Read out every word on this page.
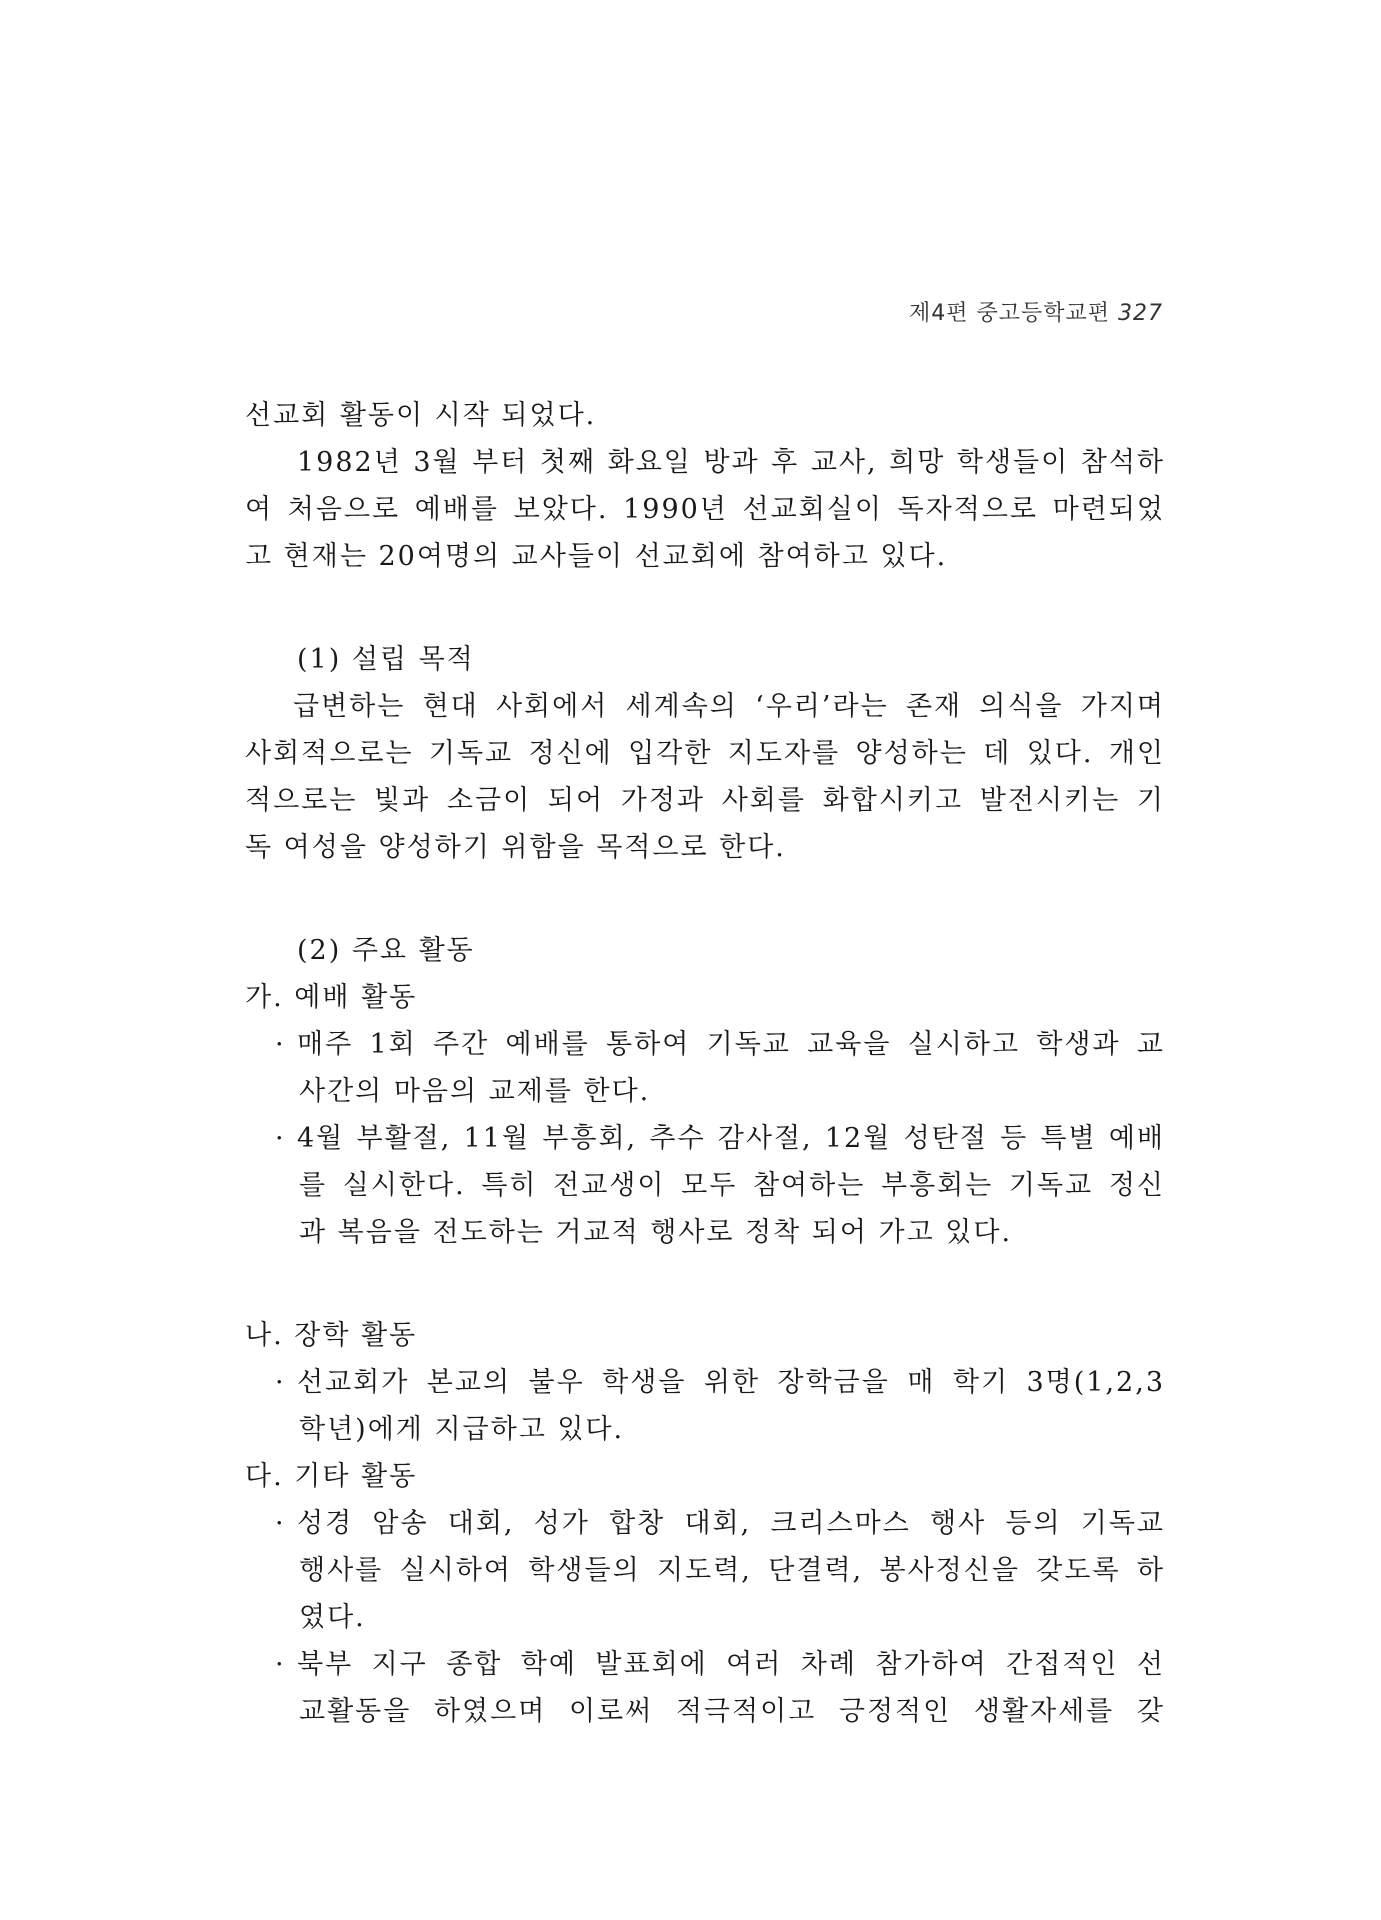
제4편 중고등학교편 327
선교회 활동이 시작 되었다.
1982년 3월 부터 첫째 화요일 방과 후 교사, 희망 학생들이 참석하
여 처음으로 예배를 보았다. 1990년 선교회실이 독자적으로 마련되었
고 현재는 20여명의 교사들이 선교회에 참여하고 있다.
(1) 설립 목적
급변하는 현대 사회에서 세계속의 ‘우리’라는 존재 의식을 가지며
사회적으로는 기독교 정신에 입각한 지도자를 양성하는 데 있다. 개인
적으로는 빛과 소금이 되어 가정과 사회를 화합시키고 발전시키는 기
독 여성을 양성하기 위함을 목적으로 한다.
(2) 주요 활동
가. 예배 활동
· 매주 1회 주간 예배를 통하여 기독교 교육을 실시하고 학생과 교
사간의 마음의 교제를 한다.
· 4월 부활절, 11월 부흥회, 추수 감사절, 12월 성탄절 등 특별 예배
를 실시한다. 특히 전교생이 모두 참여하는 부흥회는 기독교 정신
과 복음을 전도하는 거교적 행사로 정착 되어 가고 있다.
나. 장학 활동
· 선교회가 본교의 불우 학생을 위한 장학금을 매 학기 3명(1,2,3
학년)에게 지급하고 있다.
다. 기타 활동
· 성경 암송 대회, 성가 합창 대회, 크리스마스 행사 등의 기독교
행사를 실시하여 학생들의 지도력, 단결력, 봉사정신을 갖도록 하
였다.
· 북부 지구 종합 학예 발표회에 여러 차례 참가하여 간접적인 선
교활동을 하였으며 이로써 적극적이고 긍정적인 생활자세를 갖
